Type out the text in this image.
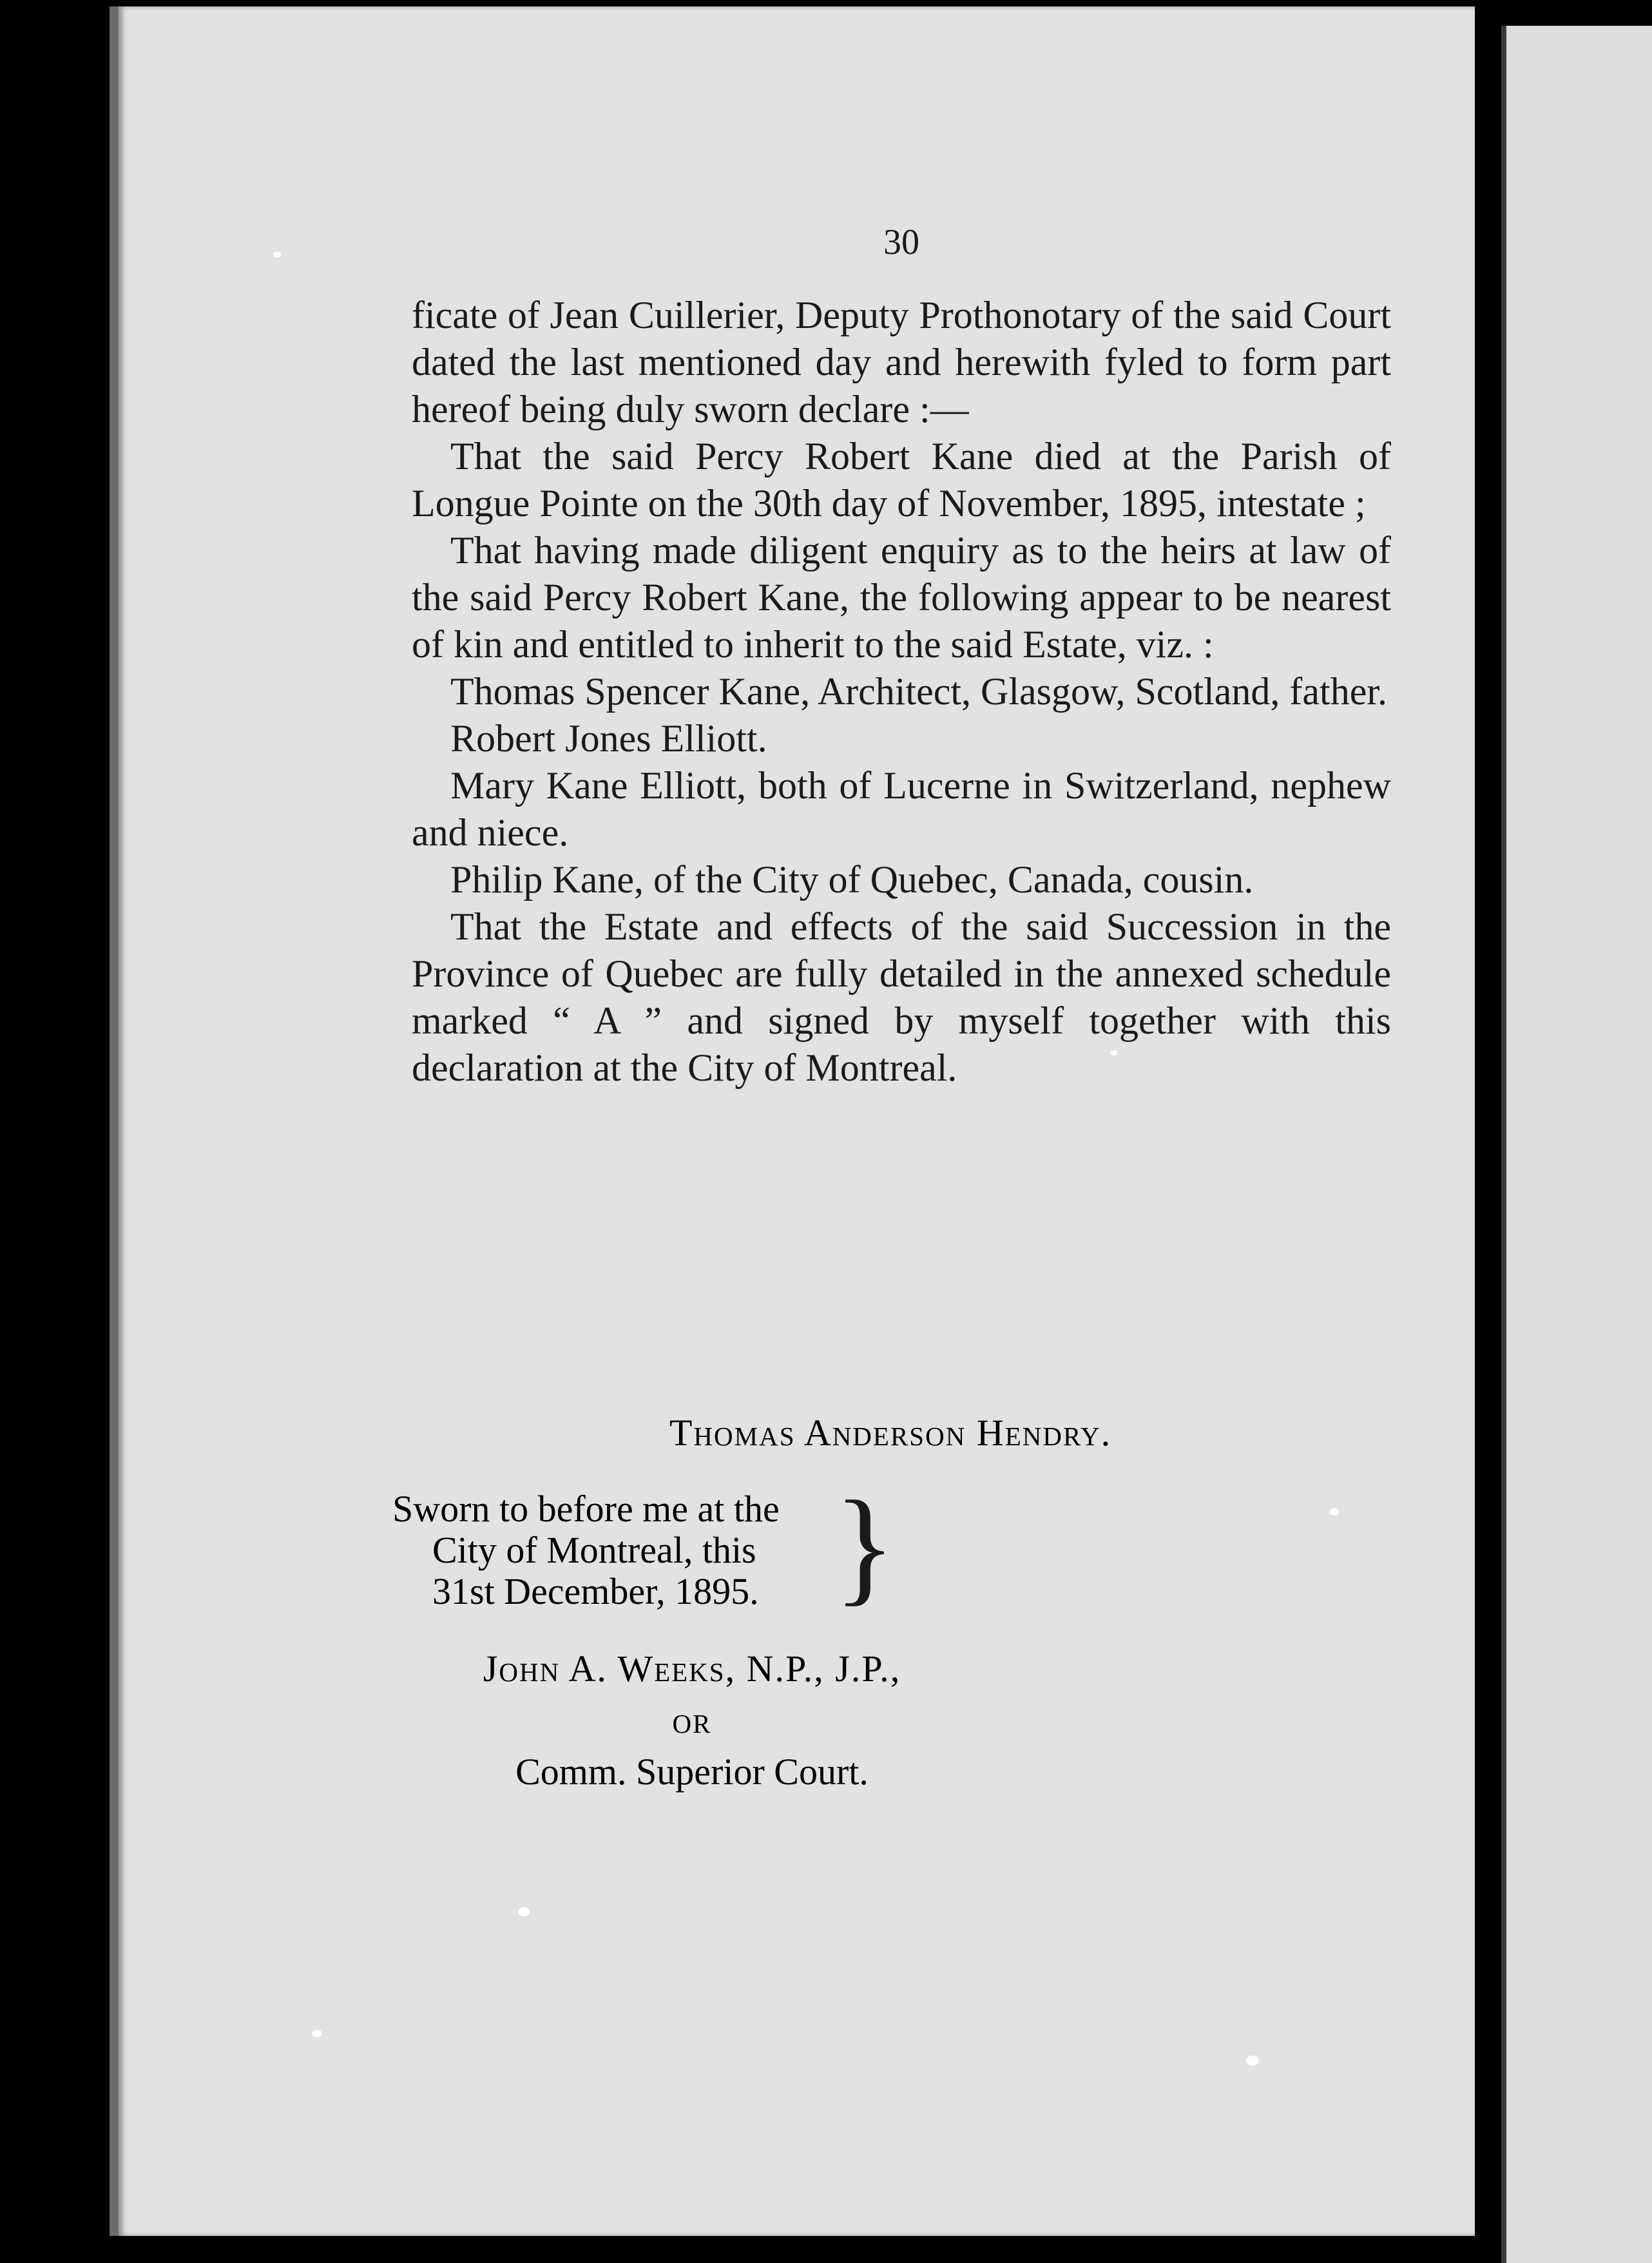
30

ficate of Jean Cuillerier, Deputy Prothonotary of the said Court dated the last mentioned day and herewith fyled to form part hereof being duly sworn declare :—

That the said Percy Robert Kane died at the Parish of Longue Pointe on the 30th day of November, 1895, intestate ;

That having made diligent enquiry as to the heirs at law of the said Percy Robert Kane, the following appear to be nearest of kin and entitled to inherit to the said Estate, viz. :

Thomas Spencer Kane, Architect, Glasgow, Scotland, father.

Robert Jones Elliott.

Mary Kane Elliott, both of Lucerne in Switzerland, nephew and niece.

Philip Kane, of the City of Quebec, Canada, cousin.

That the Estate and effects of the said Succession in the Province of Quebec are fully detailed in the annexed schedule marked “ A ” and signed by myself together with this declaration at the City of Montreal.

Thomas Anderson Hendry.
Sworn to before me at the
City of Montreal, this
31st December, 1895. }
John A. Weeks, N.P., J.P., or
Comm. Superior Court.
